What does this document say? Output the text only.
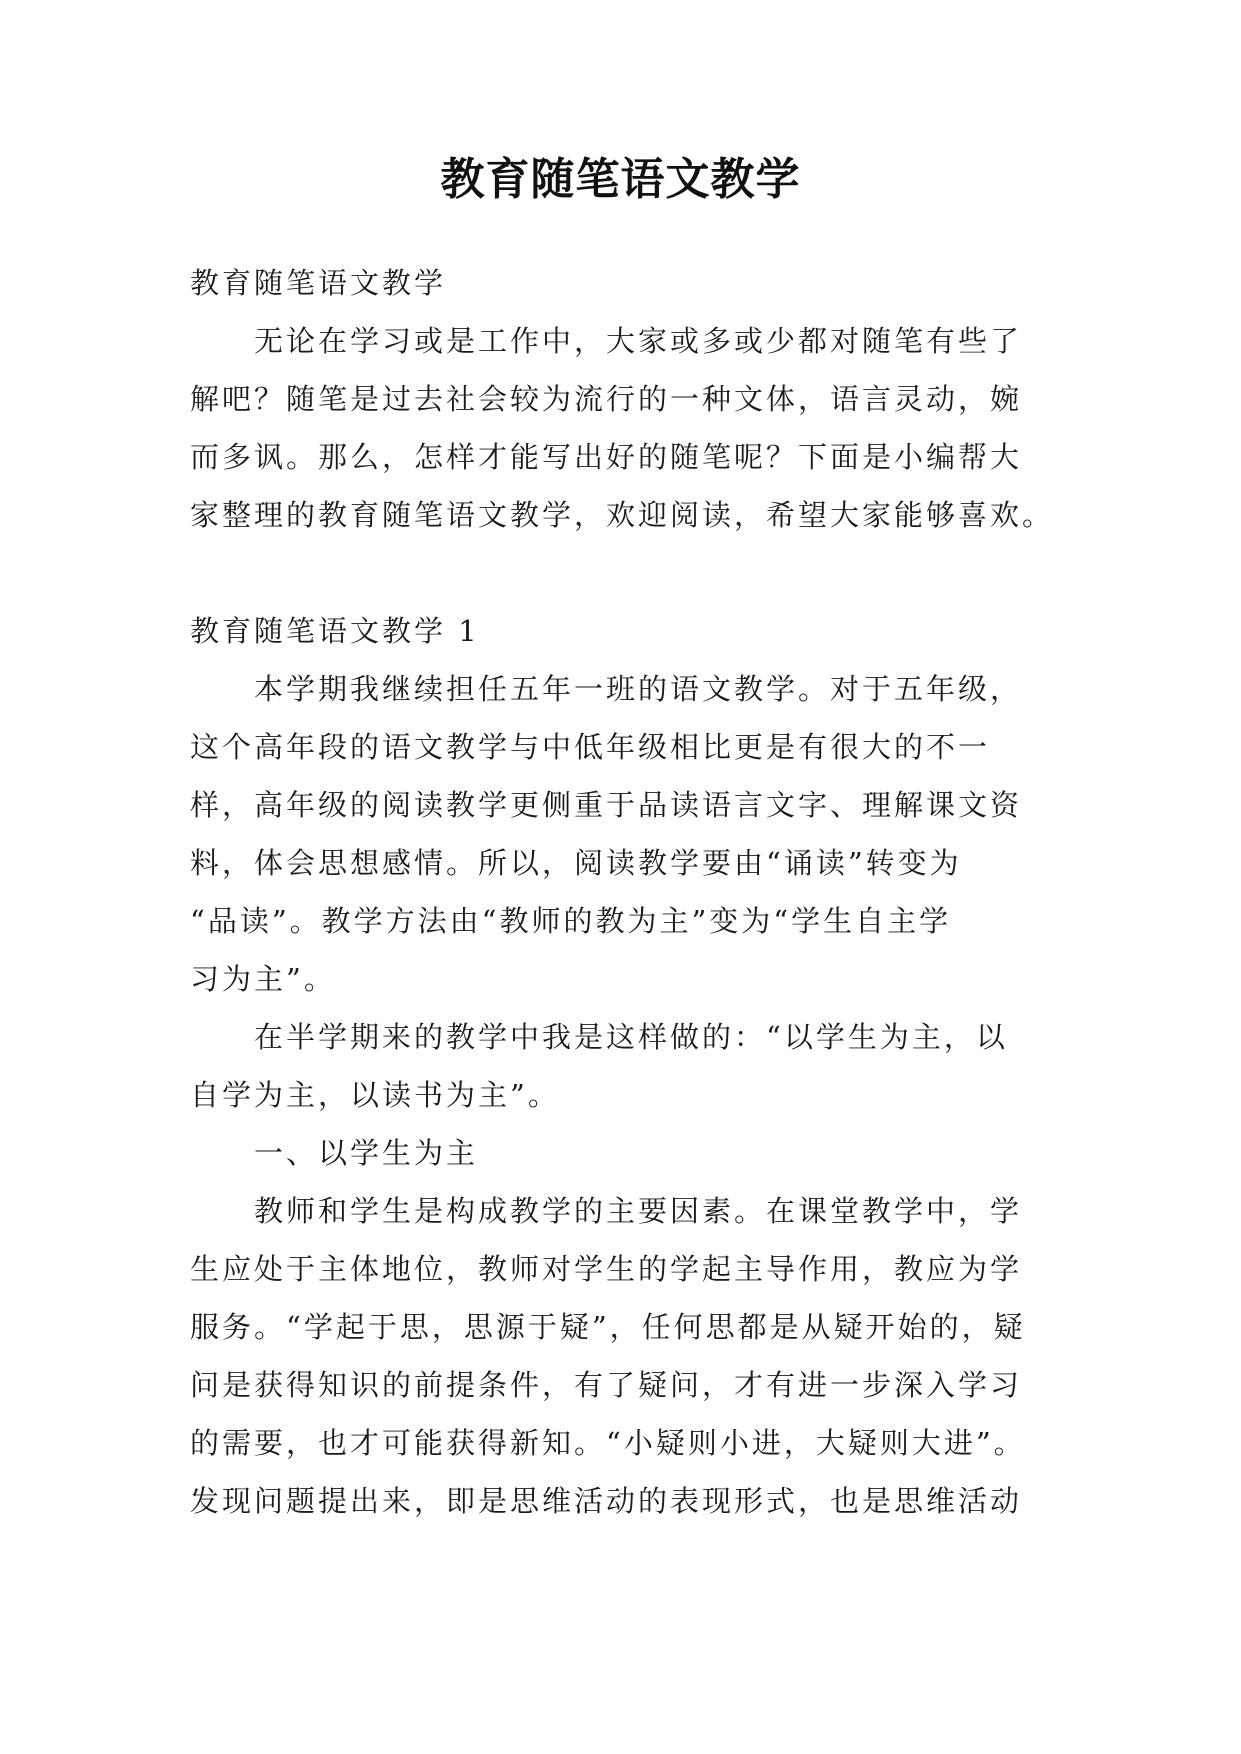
教育随笔语文教学
教育随笔语文教学
无论在学习或是工作中，大家或多或少都对随笔有些了
解吧？随笔是过去社会较为流行的一种文体，语言灵动，婉
而多讽。那么，怎样才能写出好的随笔呢？下面是小编帮大
家整理的教育随笔语文教学，欢迎阅读，希望大家能够喜欢。
教育随笔语文教学 1
本学期我继续担任五年一班的语文教学。对于五年级，
这个高年段的语文教学与中低年级相比更是有很大的不一
样，高年级的阅读教学更侧重于品读语言文字、理解课文资
料，体会思想感情。所以，阅读教学要由“诵读”转变为
“品读”。教学方法由“教师的教为主”变为“学生自主学
习为主”。
在半学期来的教学中我是这样做的：“以学生为主，以
自学为主，以读书为主”。
一、以学生为主
教师和学生是构成教学的主要因素。在课堂教学中，学
生应处于主体地位，教师对学生的学起主导作用，教应为学
服务。“学起于思，思源于疑”，任何思都是从疑开始的，疑
问是获得知识的前提条件，有了疑问，才有进一步深入学习
的需要，也才可能获得新知。“小疑则小进，大疑则大进”。
发现问题提出来，即是思维活动的表现形式，也是思维活动
